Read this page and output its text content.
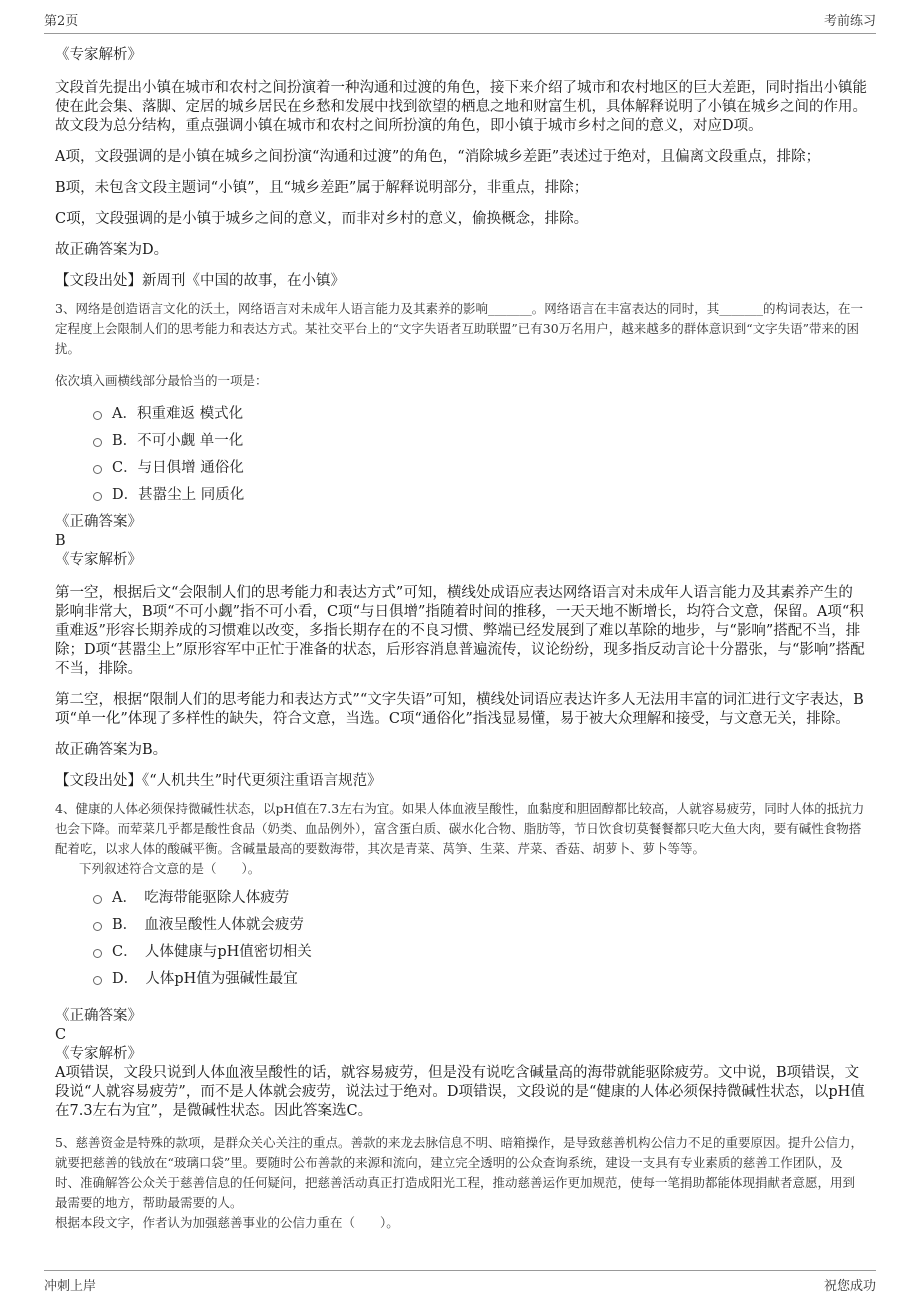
第2页	考前练习

《专家解析》

文段首先提出小镇在城市和农村之间扮演着一种沟通和过渡的角色，接下来介绍了城市和农村地区的巨大差距，同时指出小镇能使在此会集、落脚、定居的城乡居民在乡愁和发展中找到欲望的栖息之地和财富生机，具体解释说明了小镇在城乡之间的作用。故文段为总分结构，重点强调小镇在城市和农村之间所扮演的角色，即小镇于城市乡村之间的意义，对应D项。

A项，文段强调的是小镇在城乡之间扮演“沟通和过渡”的角色，“消除城乡差距”表述过于绝对，且偏离文段重点，排除；

B项，未包含文段主题词“小镇”，且“城乡差距”属于解释说明部分，非重点，排除；

C项，文段强调的是小镇于城乡之间的意义，而非对乡村的意义，偷换概念，排除。

故正确答案为D。

【文段出处】新周刊《中国的故事，在小镇》

3、网络是创造语言文化的沃土，网络语言对未成年人语言能力及其素养的影响_______。网络语言在丰富表达的同时，其_______的构词表达，在一定程度上会限制人们的思考能力和表达方式。某社交平台上的“文字失语者互助联盟”已有30万名用户，越来越多的群体意识到“文字失语”带来的困扰。

依次填入画横线部分最恰当的一项是：

A．积重难返 模式化
B．不可小觑 单一化
C．与日俱增 通俗化
D．甚嚣尘上 同质化

《正确答案》

B

《专家解析》

第一空，根据后文“会限制人们的思考能力和表达方式”可知，横线处成语应表达网络语言对未成年人语言能力及其素养产生的影响非常大，B项“不可小觑”指不可小看，C项“与日俱增”指随着时间的推移，一天天地不断增长，均符合文意，保留。A项“积重难返”形容长期养成的习惯难以改变，多指长期存在的不良习惯、弊端已经发展到了难以革除的地步，与“影响”搭配不当，排除；D项“甚嚣尘上”原形容军中正忙于准备的状态，后形容消息普遍流传，议论纷纷，现多指反动言论十分嚣张，与“影响”搭配不当，排除。

第二空，根据“限制人们的思考能力和表达方式”“文字失语”可知，横线处词语应表达许多人无法用丰富的词汇进行文字表达，B项“单一化”体现了多样性的缺失，符合文意，当选。C项“通俗化”指浅显易懂，易于被大众理解和接受，与文意无关，排除。

故正确答案为B。

【文段出处】《“人机共生”时代更须注重语言规范》

4、健康的人体必须保持微碱性状态，以pH值在7.3左右为宜。如果人体血液呈酸性，血黏度和胆固醇都比较高，人就容易疲劳，同时人体的抵抗力也会下降。而荤菜几乎都是酸性食品（奶类、血品例外），富含蛋白质、碳水化合物、脂肪等，节日饮食切莫餐餐都只吃大鱼大肉，要有碱性食物搭配着吃，以求人体的酸碱平衡。含碱量最高的要数海带，其次是青菜、莴笋、生菜、芹菜、香菇、胡萝卜、萝卜等等。

下列叙述符合文意的是（　　）。

A．　吃海带能驱除人体疲劳
B．　血液呈酸性人体就会疲劳
C．　人体健康与pH值密切相关
D．　人体pH值为强碱性最宜

《正确答案》

C

《专家解析》

A项错误，文段只说到人体血液呈酸性的话，就容易疲劳，但是没有说吃含碱量高的海带就能驱除疲劳。文中说，B项错误，文段说“人就容易疲劳”，而不是人体就会疲劳，说法过于绝对。D项错误，文段说的是“健康的人体必须保持微碱性状态，以pH值在7.3左右为宜”，是微碱性状态。因此答案选C。

5、慈善资金是特殊的款项，是群众关心关注的重点。善款的来龙去脉信息不明、暗箱操作，是导致慈善机构公信力不足的重要原因。提升公信力，就要把慈善的钱放在“玻璃口袋”里。要随时公布善款的来源和流向，建立完全透明的公众查询系统，建设一支具有专业素质的慈善工作团队，及时、准确解答公众关于慈善信息的任何疑问，把慈善活动真正打造成阳光工程，推动慈善运作更加规范，使每一笔捐助都能体现捐献者意愿，用到最需要的地方，帮助最需要的人。

根据本段文字，作者认为加强慈善事业的公信力重在（　　）。

冲刺上岸	祝您成功
